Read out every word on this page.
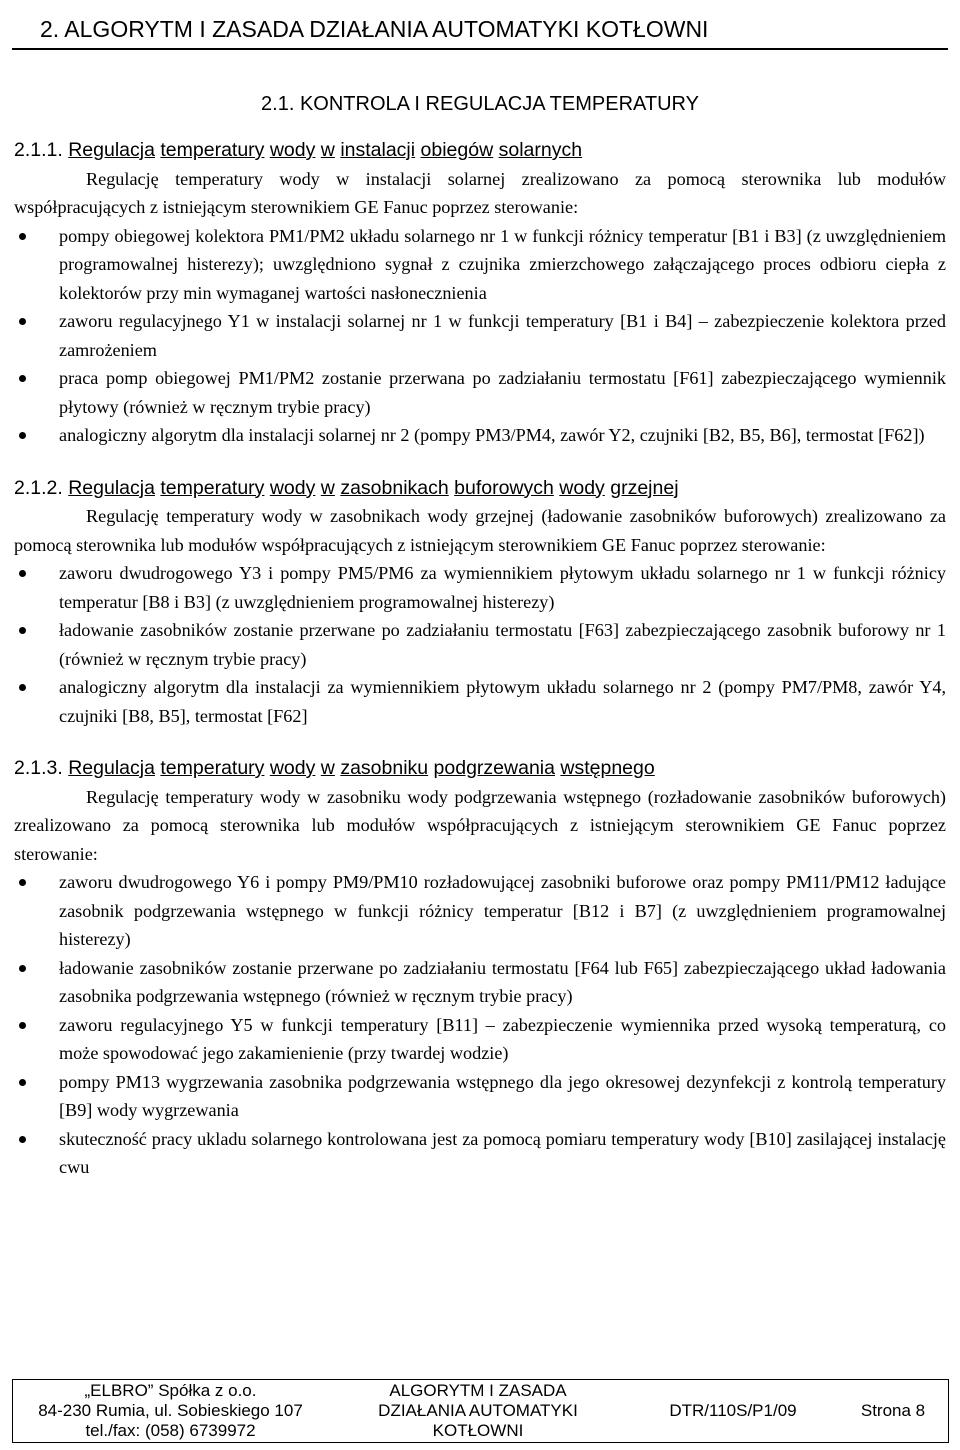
2. ALGORYTM I ZASADA DZIAŁANIA AUTOMATYKI KOTŁOWNI
2.1. KONTROLA I REGULACJA TEMPERATURY
2.1.1. Regulacja temperatury wody w instalacji obiegów solarnych

Regulację temperatury wody w instalacji solarnej zrealizowano za pomocą sterownika lub modułów współpracujących z istniejącym sterownikiem GE Fanuc poprzez sterowanie:

pompy obiegowej kolektora PM1/PM2 układu solarnego nr 1 w funkcji różnicy temperatur [B1 i B3] (z uwzględnieniem programowalnej histerezy); uwzględniono sygnał z czujnika zmierzchowego załączającego proces odbioru ciepła z kolektorów przy min wymaganej wartości nasłonecznienia
zaworu regulacyjnego Y1 w instalacji solarnej nr 1 w funkcji temperatury [B1 i B4] – zabezpieczenie kolektora przed zamrożeniem
praca pomp obiegowej PM1/PM2 zostanie przerwana po zadziałaniu termostatu [F61] zabezpieczającego wymiennik płytowy (również w ręcznym trybie pracy)
analogiczny algorytm dla instalacji solarnej nr 2 (pompy PM3/PM4, zawór Y2, czujniki [B2, B5, B6], termostat [F62])
2.1.2. Regulacja temperatury wody w zasobnikach buforowych wody grzejnej

Regulację temperatury wody w zasobnikach wody grzejnej (ładowanie zasobników buforowych) zrealizowano za pomocą sterownika lub modułów współpracujących z istniejącym sterownikiem GE Fanuc poprzez sterowanie:

zaworu dwudrogowego Y3 i pompy PM5/PM6 za wymiennikiem płytowym układu solarnego nr 1 w funkcji różnicy temperatur [B8 i B3] (z uwzględnieniem programowalnej histerezy)
ładowanie zasobników zostanie przerwane po zadziałaniu termostatu [F63] zabezpieczającego zasobnik buforowy nr 1 (również w ręcznym trybie pracy)
analogiczny algorytm dla instalacji za wymiennikiem płytowym układu solarnego nr 2 (pompy PM7/PM8, zawór Y4, czujniki [B8, B5], termostat [F62]
2.1.3. Regulacja temperatury wody w zasobniku podgrzewania wstępnego

Regulację temperatury wody w zasobniku wody podgrzewania wstępnego (rozładowanie zasobników buforowych) zrealizowano za pomocą sterownika lub modułów współpracujących z istniejącym sterownikiem GE Fanuc poprzez sterowanie:

zaworu dwudrogowego Y6 i pompy PM9/PM10 rozładowującej zasobniki buforowe oraz pompy PM11/PM12 ładujące zasobnik podgrzewania wstępnego w funkcji różnicy temperatur [B12 i B7] (z uwzględnieniem programowalnej histerezy)
ładowanie zasobników zostanie przerwane po zadziałaniu termostatu [F64 lub F65] zabezpieczającego układ ładowania zasobnika podgrzewania wstępnego (również w ręcznym trybie pracy)
zaworu regulacyjnego Y5 w funkcji temperatury [B11] – zabezpieczenie wymiennika przed wysoką temperaturą, co może spowodować jego zakamienienie (przy twardej wodzie)
pompy PM13 wygrzewania zasobnika podgrzewania wstępnego dla jego okresowej dezynfekcji z kontrolą temperatury [B9] wody wygrzewania
skuteczność pracy ukladu solarnego kontrolowana jest za pomocą pomiaru temperatury wody [B10] zasilającej instalację cwu
„ELBRO” Spółka z o.o.
84-230 Rumia, ul. Sobieskiego 107
tel./fax: (058) 6739972
ALGORYTM I ZASADA
DZIAŁANIA AUTOMATYKI
KOTŁOWNI
DTR/110S/P1/09	Strona 8
